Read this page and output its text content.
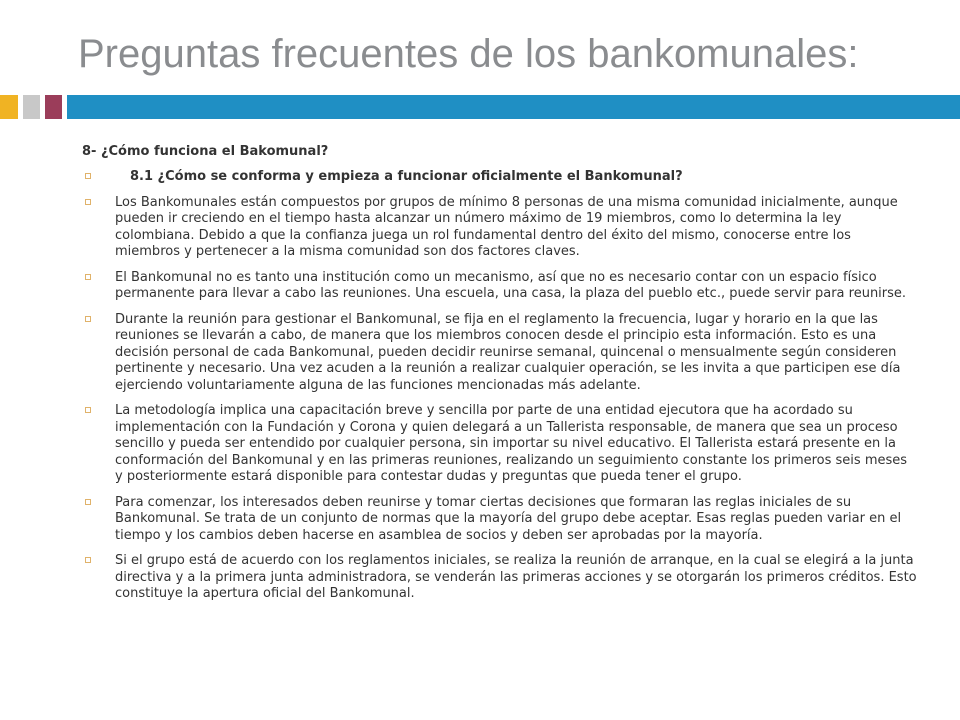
Preguntas frecuentes de los bankomunales:
8- ¿Cómo funciona el Bakomunal?
8.1 ¿Cómo se conforma y empieza a funcionar oficialmente el Bankomunal?
Los Bankomunales están compuestos por grupos de mínimo 8 personas de una misma comunidad inicialmente, aunque pueden ir creciendo en el tiempo hasta alcanzar un número máximo de 19 miembros, como lo determina la ley colombiana. Debido a que la confianza juega un rol fundamental dentro del éxito del mismo, conocerse entre los miembros y pertenecer a la misma comunidad son dos factores claves.
El Bankomunal no es tanto una institución como un mecanismo, así que no es necesario contar con un espacio físico permanente para llevar a cabo las reuniones. Una escuela, una casa, la plaza del pueblo etc., puede servir para reunirse.
Durante la reunión para gestionar el Bankomunal, se fija en el reglamento la frecuencia, lugar y horario en la que las reuniones se llevarán a cabo, de manera que los miembros conocen desde el principio esta información. Esto es una decisión personal de cada Bankomunal, pueden decidir reunirse semanal, quincenal o mensualmente según consideren pertinente y necesario. Una vez acuden a la reunión a realizar cualquier operación, se les invita a que participen ese día ejerciendo voluntariamente alguna de las funciones mencionadas más adelante.
La metodología implica una capacitación breve y sencilla por parte de una entidad ejecutora que ha acordado su implementación con la Fundación y Corona y quien delegará a un Tallerista responsable, de manera que sea un proceso sencillo y pueda ser entendido por cualquier persona, sin importar su nivel educativo. El Tallerista estará presente en la conformación del Bankomunal y en las primeras reuniones, realizando un seguimiento constante los primeros seis meses y posteriormente estará disponible para contestar dudas y preguntas que pueda tener el grupo.
Para comenzar, los interesados deben reunirse y tomar ciertas decisiones que formaran las reglas iniciales de su Bankomunal. Se trata de un conjunto de normas que la mayoría del grupo debe aceptar. Esas reglas pueden variar en el tiempo y los cambios deben hacerse en asamblea de socios y deben ser aprobadas por la mayoría.
Si el grupo está de acuerdo con los reglamentos iniciales, se realiza la reunión de arranque, en la cual se elegirá a la junta directiva y a la primera junta administradora, se venderán las primeras acciones y se otorgarán los primeros créditos. Esto constituye la apertura oficial del Bankomunal.
